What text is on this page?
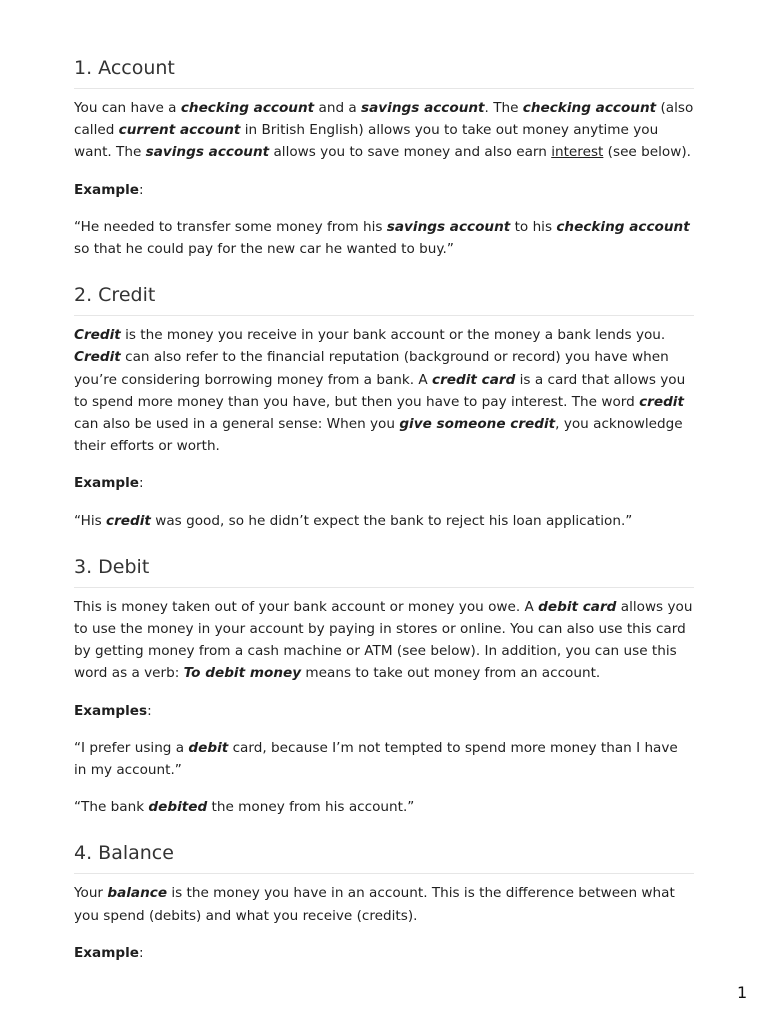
1. Account

You can have a checking account and a savings account. The checking account (also called current account in British English) allows you to take out money anytime you want. The savings account allows you to save money and also earn interest (see below).

Example:

“He needed to transfer some money from his savings account to his checking account so that he could pay for the new car he wanted to buy.”

2. Credit

Credit is the money you receive in your bank account or the money a bank lends you. Credit can also refer to the financial reputation (background or record) you have when you’re considering borrowing money from a bank. A credit card is a card that allows you to spend more money than you have, but then you have to pay interest. The word credit can also be used in a general sense: When you give someone credit, you acknowledge their efforts or worth.

Example:

“His credit was good, so he didn’t expect the bank to reject his loan application.”

3. Debit

This is money taken out of your bank account or money you owe. A debit card allows you to use the money in your account by paying in stores or online. You can also use this card by getting money from a cash machine or ATM (see below). In addition, you can use this word as a verb: To debit money means to take out money from an account.

Examples:

“I prefer using a debit card, because I’m not tempted to spend more money than I have in my account.”

“The bank debited the money from his account.”

4. Balance

Your balance is the money you have in an account. This is the difference between what you spend (debits) and what you receive (credits).

Example:

1
